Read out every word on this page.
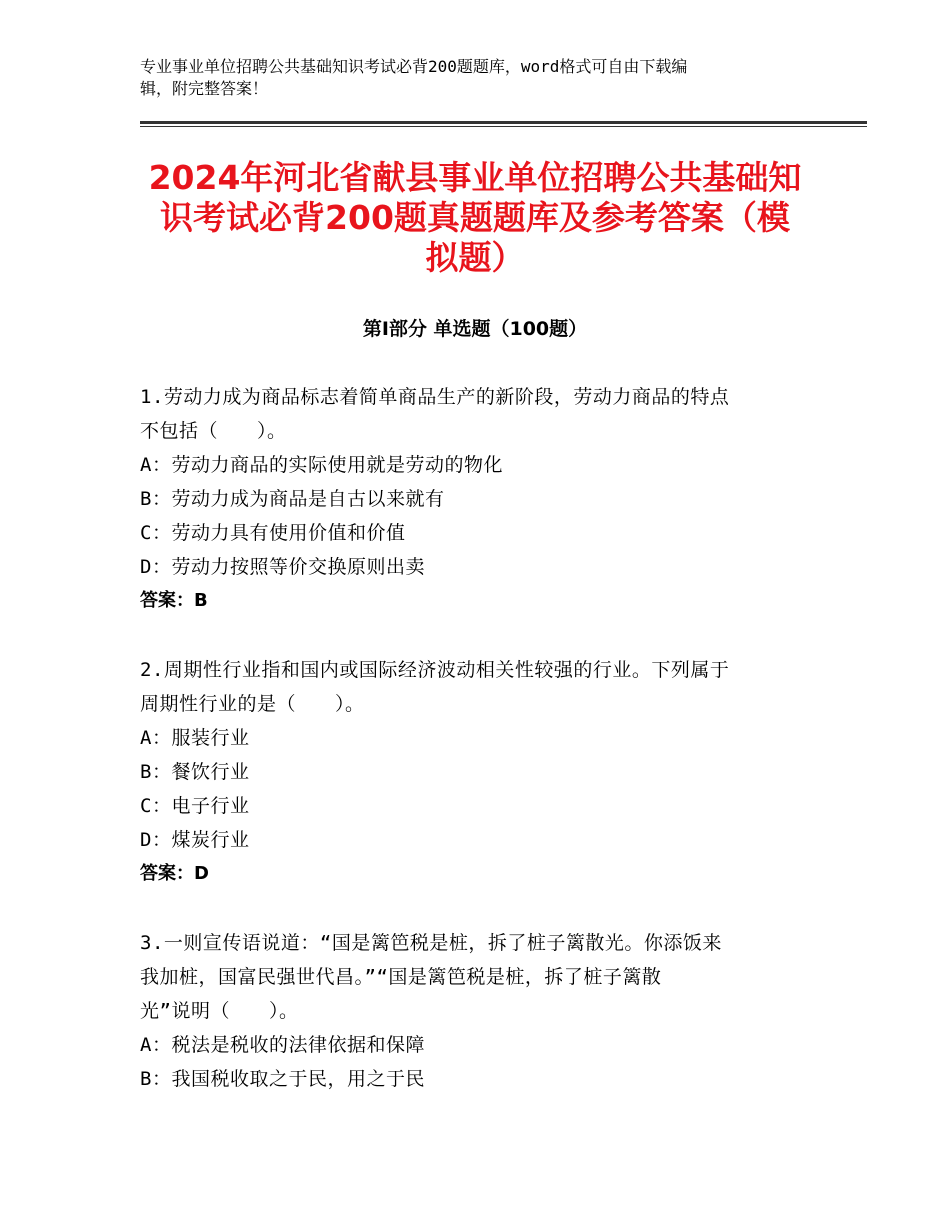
专业事业单位招聘公共基础知识考试必背200题题库，word格式可自由下载编
辑，附完整答案！
2024年河北省献县事业单位招聘公共基础知
识考试必背200题真题题库及参考答案（模
拟题）
第I部分 单选题（100题）
1.劳动力成为商品标志着简单商品生产的新阶段，劳动力商品的特点
不包括（　　）。
A：劳动力商品的实际使用就是劳动的物化
B：劳动力成为商品是自古以来就有
C：劳动力具有使用价值和价值
D：劳动力按照等价交换原则出卖
答案：B
2.周期性行业指和国内或国际经济波动相关性较强的行业。下列属于
周期性行业的是（　　）。
A：服装行业
B：餐饮行业
C：电子行业
D：煤炭行业
答案：D
3.一则宣传语说道：“国是篱笆税是桩，拆了桩子篱散光。你添饭来
我加桩，国富民强世代昌。”“国是篱笆税是桩，拆了桩子篱散
光”说明（　　）。
A：税法是税收的法律依据和保障
B：我国税收取之于民，用之于民
